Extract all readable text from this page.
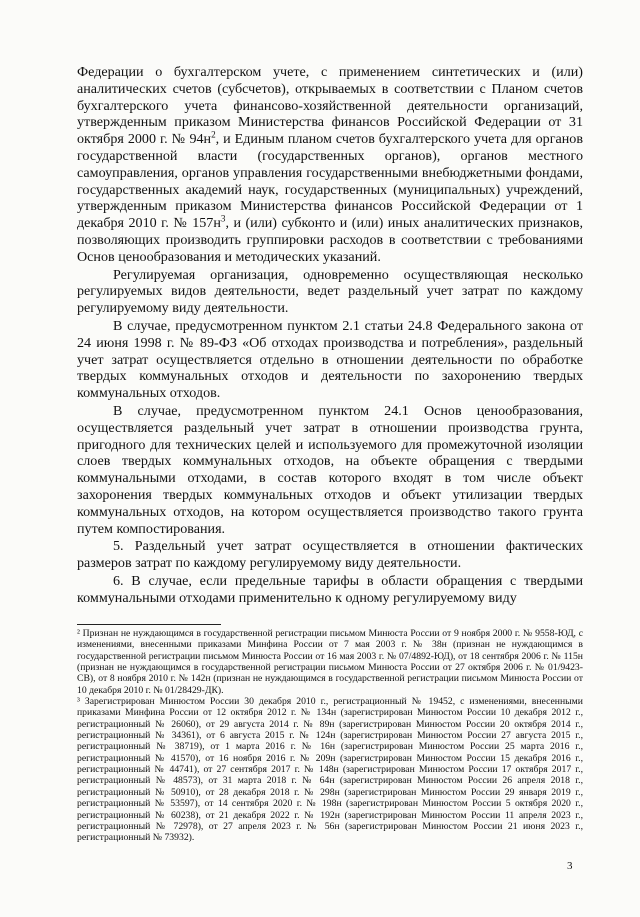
Федерации о бухгалтерском учете, с применением синтетических и (или) аналитических счетов (субсчетов), открываемых в соответствии с Планом счетов бухгалтерского учета финансово-хозяйственной деятельности организаций, утвержденным приказом Министерства финансов Российской Федерации от 31 октября 2000 г. № $94н^2$, и Единым планом счетов бухгалтерского учета для органов государственной власти (государственных органов), органов местного самоуправления, органов управления государственными внебюджетными фондами, государственных академий наук, государственных (муниципальных) учреждений, утвержденным приказом Министерства финансов Российской Федерации от 1 декабря 2010 г. № $157н^3$, и (или) субконто и (или) иных аналитических признаков, позволяющих производить группировки расходов в соответствии с требованиями Основ ценообразования и методических указаний.

Регулируемая организация, одновременно осуществляющая несколько регулируемых видов деятельности, ведет раздельный учет затрат по каждому регулируемому виду деятельности.

В случае, предусмотренном пунктом 2.1 статьи 24.8 Федерального закона от 24 июня 1998 г. № 89-ФЗ «Об отходах производства и потребления», раздельный учет затрат осуществляется отдельно в отношении деятельности по обработке твердых коммунальных отходов и деятельности по захоронению твердых коммунальных отходов.

В случае, предусмотренном пунктом 24.1 Основ ценообразования, осуществляется раздельный учет затрат в отношении производства грунта, пригодного для технических целей и используемого для промежуточной изоляции слоев твердых коммунальных отходов, на объекте обращения с твердыми коммунальными отходами, в состав которого входят в том числе объект захоронения твердых коммунальных отходов и объект утилизации твердых коммунальных отходов, на котором осуществляется производство такого грунта путем компостирования.

5. Раздельный учет затрат осуществляется в отношении фактических размеров затрат по каждому регулируемому виду деятельности.

6. В случае, если предельные тарифы в области обращения с твердыми коммунальными отходами применительно к одному регулируемому виду

² Признан не нуждающимся в государственной регистрации письмом Минюста России от 9 ноября 2000 г. № 9558-ЮД, с изменениями, внесенными приказами Минфина России от 7 мая 2003 г. № 38н (признан не нуждающимся в государственной регистрации письмом Минюста России от 16 мая 2003 г. № 07/4892-ЮД), от 18 сентября 2006 г. № 115н (признан не нуждающимся в государственной регистрации письмом Минюста России от 27 октября 2006 г. № 01/9423-СВ), от 8 ноября 2010 г. № 142н (признан не нуждающимся в государственной регистрации письмом Минюста России от 10 декабря 2010 г. № 01/28429-ДК).

³ Зарегистрирован Минюстом России 30 декабря 2010 г., регистрационный № 19452, с изменениями, внесенными приказами Минфина России от 12 октября 2012 г. № 134н (зарегистрирован Минюстом России 10 декабря 2012 г., регистрационный № 26060), от 29 августа 2014 г. № 89н (зарегистрирован Минюстом России 20 октября 2014 г., регистрационный № 34361), от 6 августа 2015 г. № 124н (зарегистрирован Минюстом России 27 августа 2015 г., регистрационный № 38719), от 1 марта 2016 г. № 16н (зарегистрирован Минюстом России 25 марта 2016 г., регистрационный № 41570), от 16 ноября 2016 г. № 209н (зарегистрирован Минюстом России 15 декабря 2016 г., регистрационный № 44741), от 27 сентября 2017 г. № 148н (зарегистрирован Минюстом России 17 октября 2017 г., регистрационный № 48573), от 31 марта 2018 г. № 64н (зарегистрирован Минюстом России 26 апреля 2018 г., регистрационный № 50910), от 28 декабря 2018 г. № 298н (зарегистрирован Минюстом России 29 января 2019 г., регистрационный № 53597), от 14 сентября 2020 г. № 198н (зарегистрирован Минюстом России 5 октября 2020 г., регистрационный № 60238), от 21 декабря 2022 г. № 192н (зарегистрирован Минюстом России 11 апреля 2023 г., регистрационный № 72978), от 27 апреля 2023 г. № 56н (зарегистрирован Минюстом России 21 июня 2023 г., регистрационный № 73932).

3
